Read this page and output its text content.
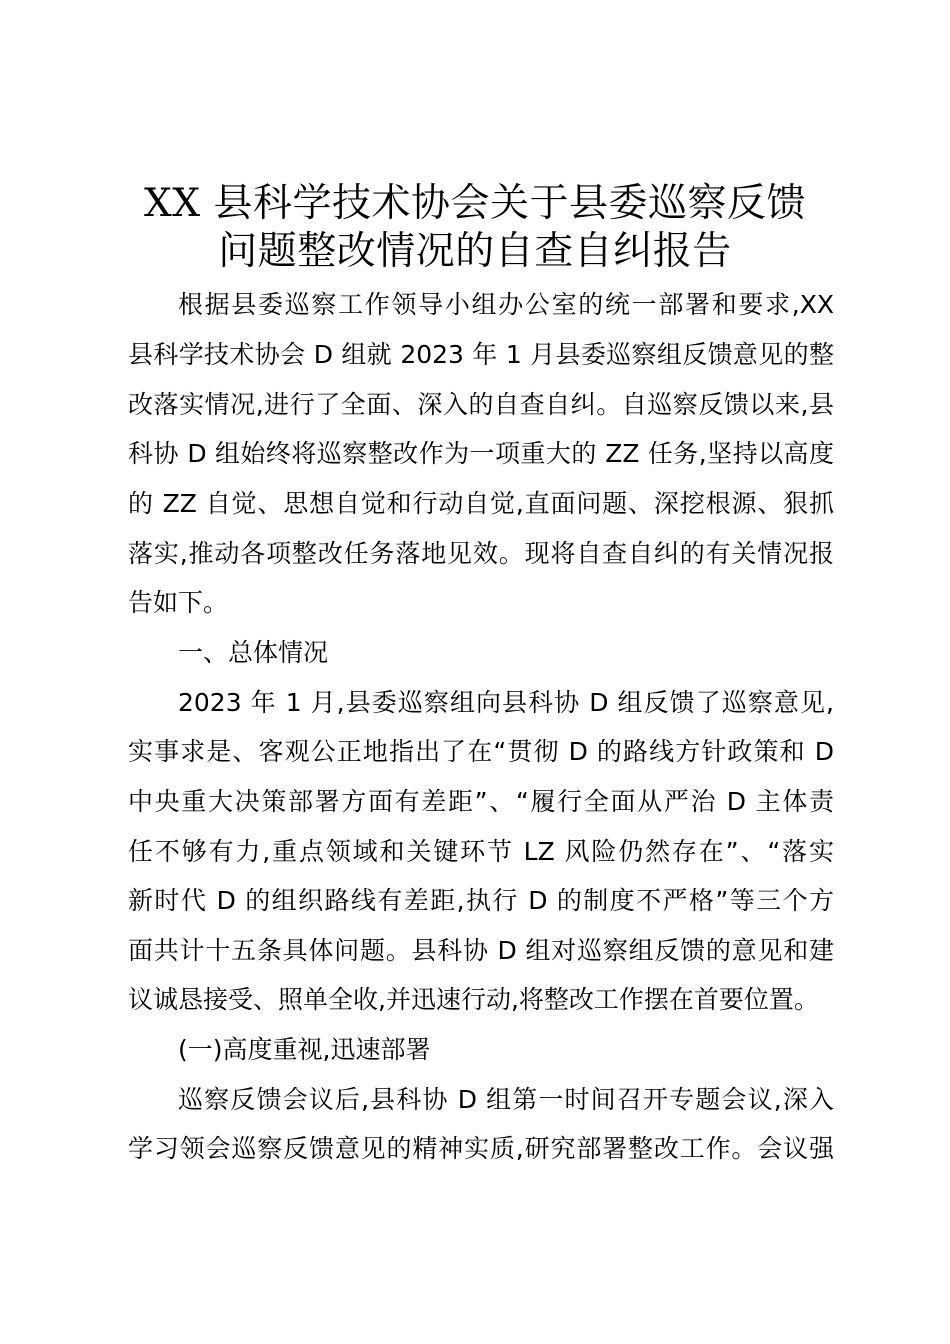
XX 县科学技术协会关于县委巡察反馈
问题整改情况的自查自纠报告
根据县委巡察工作领导小组办公室的统一部署和要求,XX
县科学技术协会 D 组就 2023 年 1 月县委巡察组反馈意见的整
改落实情况,进行了全面、深入的自查自纠。自巡察反馈以来,县
科协 D 组始终将巡察整改作为一项重大的 ZZ 任务,坚持以高度
的 ZZ 自觉、思想自觉和行动自觉,直面问题、深挖根源、狠抓
落实,推动各项整改任务落地见效。现将自查自纠的有关情况报
告如下。
一、总体情况
2023 年 1 月,县委巡察组向县科协 D 组反馈了巡察意见,
实事求是、客观公正地指出了在“贯彻 D 的路线方针政策和 D
中央重大决策部署方面有差距”、“履行全面从严治 D 主体责
任不够有力,重点领域和关键环节 LZ 风险仍然存在”、“落实
新时代 D 的组织路线有差距,执行 D 的制度不严格”等三个方
面共计十五条具体问题。县科协 D 组对巡察组反馈的意见和建
议诚恳接受、照单全收,并迅速行动,将整改工作摆在首要位置。
(一)高度重视,迅速部署
巡察反馈会议后,县科协 D 组第一时间召开专题会议,深入
学习领会巡察反馈意见的精神实质,研究部署整改工作。会议强
